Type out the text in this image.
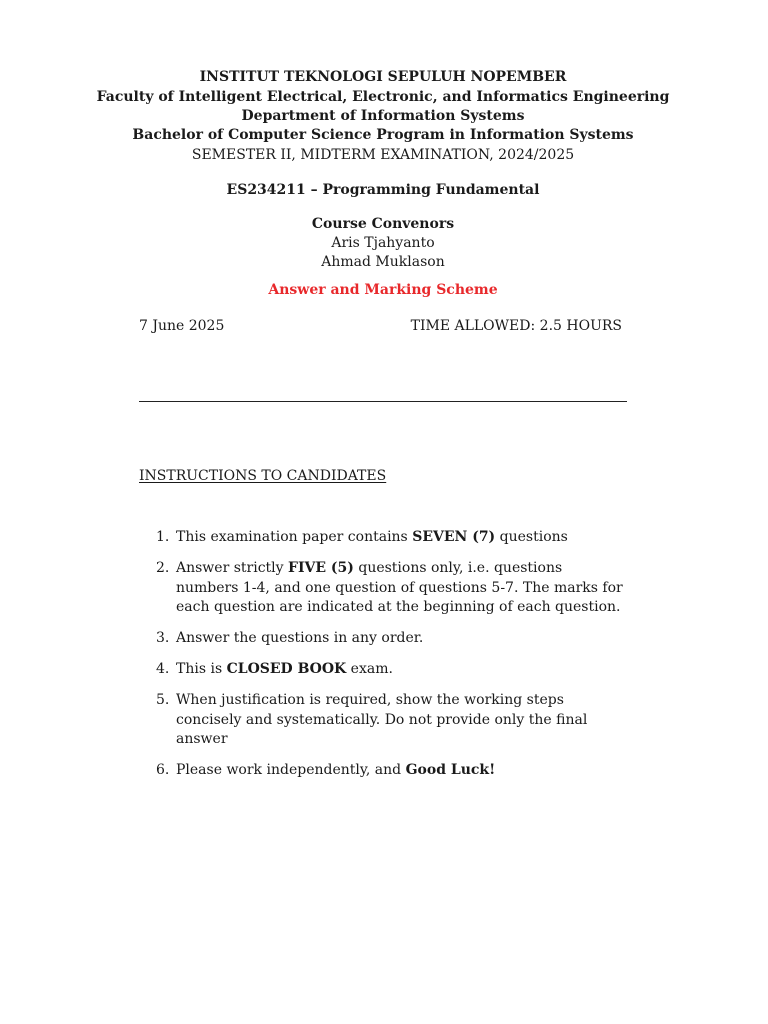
INSTITUT TEKNOLOGI SEPULUH NOPEMBER
Faculty of Intelligent Electrical, Electronic, and Informatics Engineering
Department of Information Systems
Bachelor of Computer Science Program in Information Systems
SEMESTER II, MIDTERM EXAMINATION, 2024/2025
ES234211 – Programming Fundamental
Course Convenors
Aris Tjahyanto
Ahmad Muklason
Answer and Marking Scheme
7 June 2025	TIME ALLOWED: 2.5 HOURS
INSTRUCTIONS TO CANDIDATES
1. This examination paper contains SEVEN (7) questions
2. Answer strictly FIVE (5) questions only, i.e. questions numbers 1-4, and one question of questions 5-7. The marks for each question are indicated at the beginning of each question.
3. Answer the questions in any order.
4. This is CLOSED BOOK exam.
5. When justification is required, show the working steps concisely and systematically. Do not provide only the final answer
6. Please work independently, and Good Luck!
